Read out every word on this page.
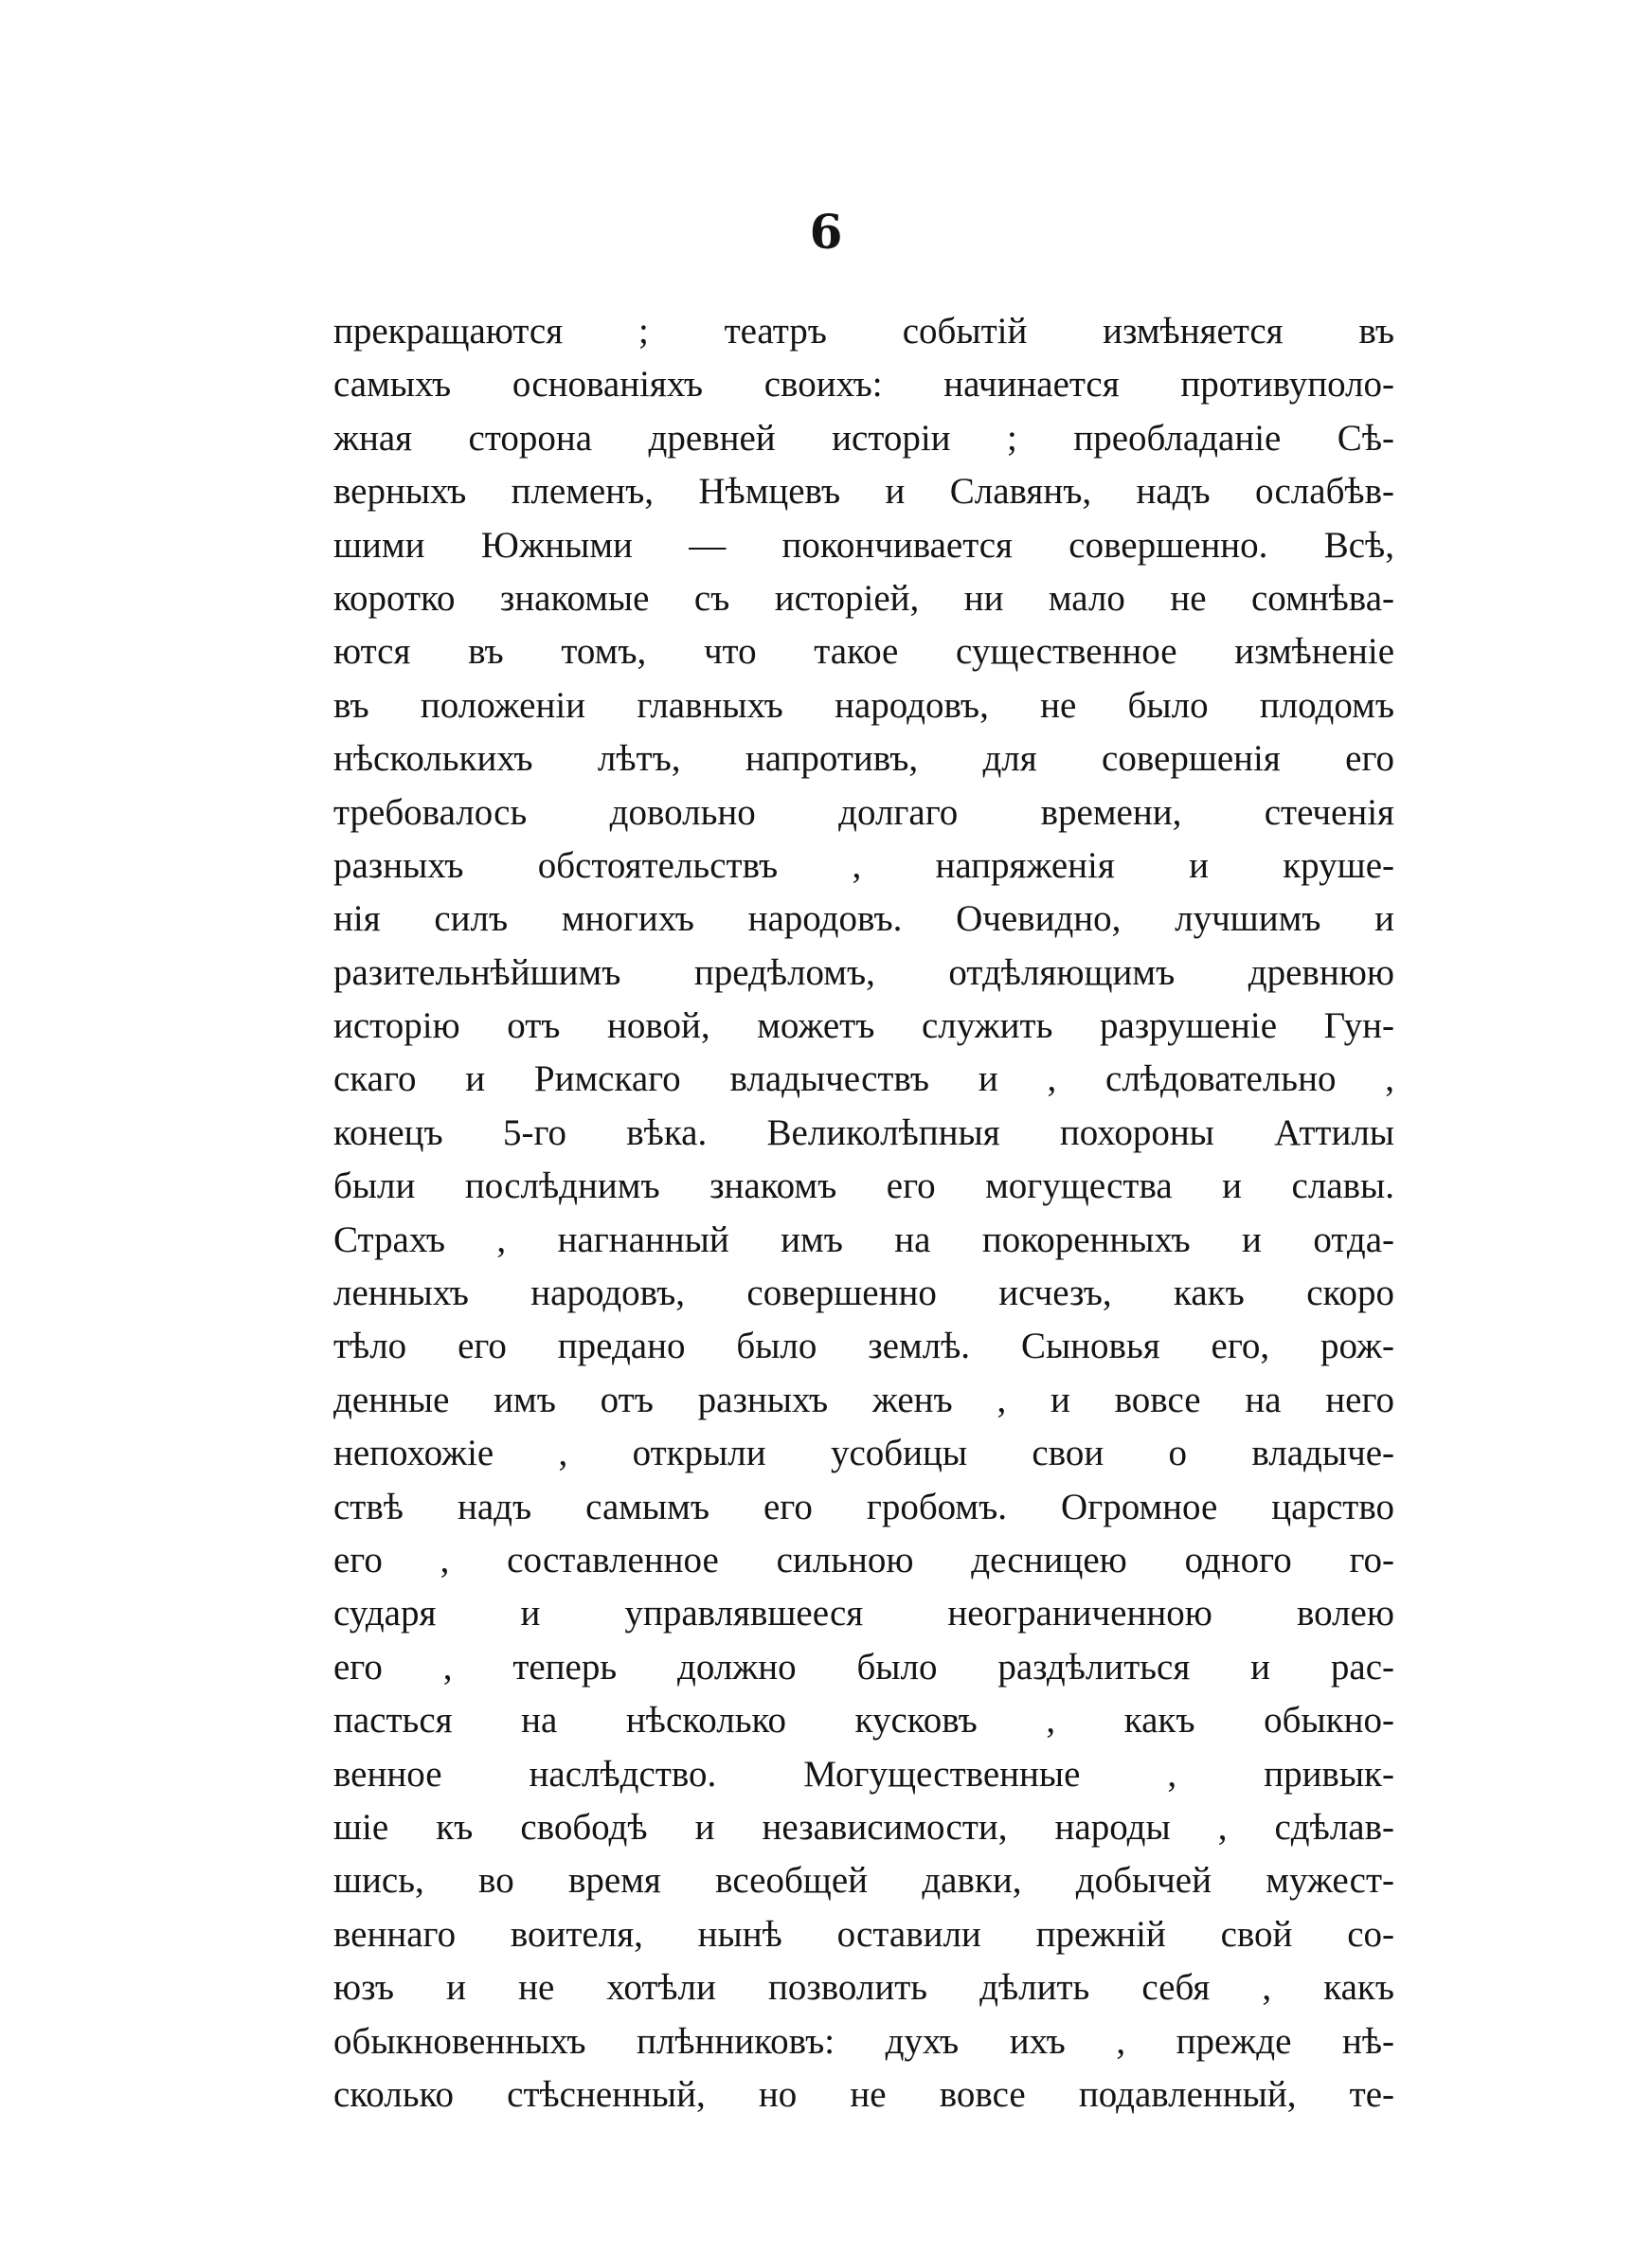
6
прекращаются ; театръ событій измѣняется въ
самыхъ основаніяхъ своихъ: начинается противуполо-
жная сторона древней исторіи ; преобладаніе Сѣ-
верныхъ племенъ, Нѣмцевъ и Славянъ, надъ ослабѣв-
шими Южными — покончивается совершенно. Всѣ,
коротко знакомые съ исторіей, ни мало не сомнѣва-
ются въ томъ, что такое существенное измѣненіе
въ положеніи главныхъ народовъ, не было плодомъ
нѣсколькихъ лѣтъ, напротивъ, для совершенія его
требовалось довольно долгаго времени, стеченія
разныхъ обстоятельствъ , напряженія и круше-
нія силъ многихъ народовъ. Очевидно, лучшимъ и
разительнѣйшимъ предѣломъ, отдѣляющимъ древнюю
исторію отъ новой, можетъ служить разрушеніе Гун-
скаго и Римскаго владычествъ и , слѣдовательно ,
конецъ 5-го вѣка. Великолѣпныя похороны Аттилы
были послѣднимъ знакомъ его могущества и славы.
Страхъ , нагнанный имъ на покоренныхъ и отда-
ленныхъ народовъ, совершенно исчезъ, какъ скоро
тѣло его предано было землѣ. Сыновья его, рож-
денные имъ отъ разныхъ женъ , и вовсе на него
непохожіе , открыли усобицы свои о владыче-
ствѣ надъ самымъ его гробомъ. Огромное царство
его , составленное сильною десницею одного го-
сударя и управлявшееся неограниченною волею
его , теперь должно было раздѣлиться и рас-
пасться на нѣсколько кусковъ , какъ обыкно-
венное наслѣдство. Могущественные , привык-
шіе къ свободѣ и независимости, народы , сдѣлав-
шись, во время всеобщей давки, добычей мужест-
веннаго воителя, нынѣ оставили прежній свой со-
юзъ и не хотѣли позволить дѣлить себя , какъ
обыкновенныхъ плѣнниковъ: духъ ихъ , прежде нѣ-
сколько стѣсненный, но не вовсе подавленный, те-
